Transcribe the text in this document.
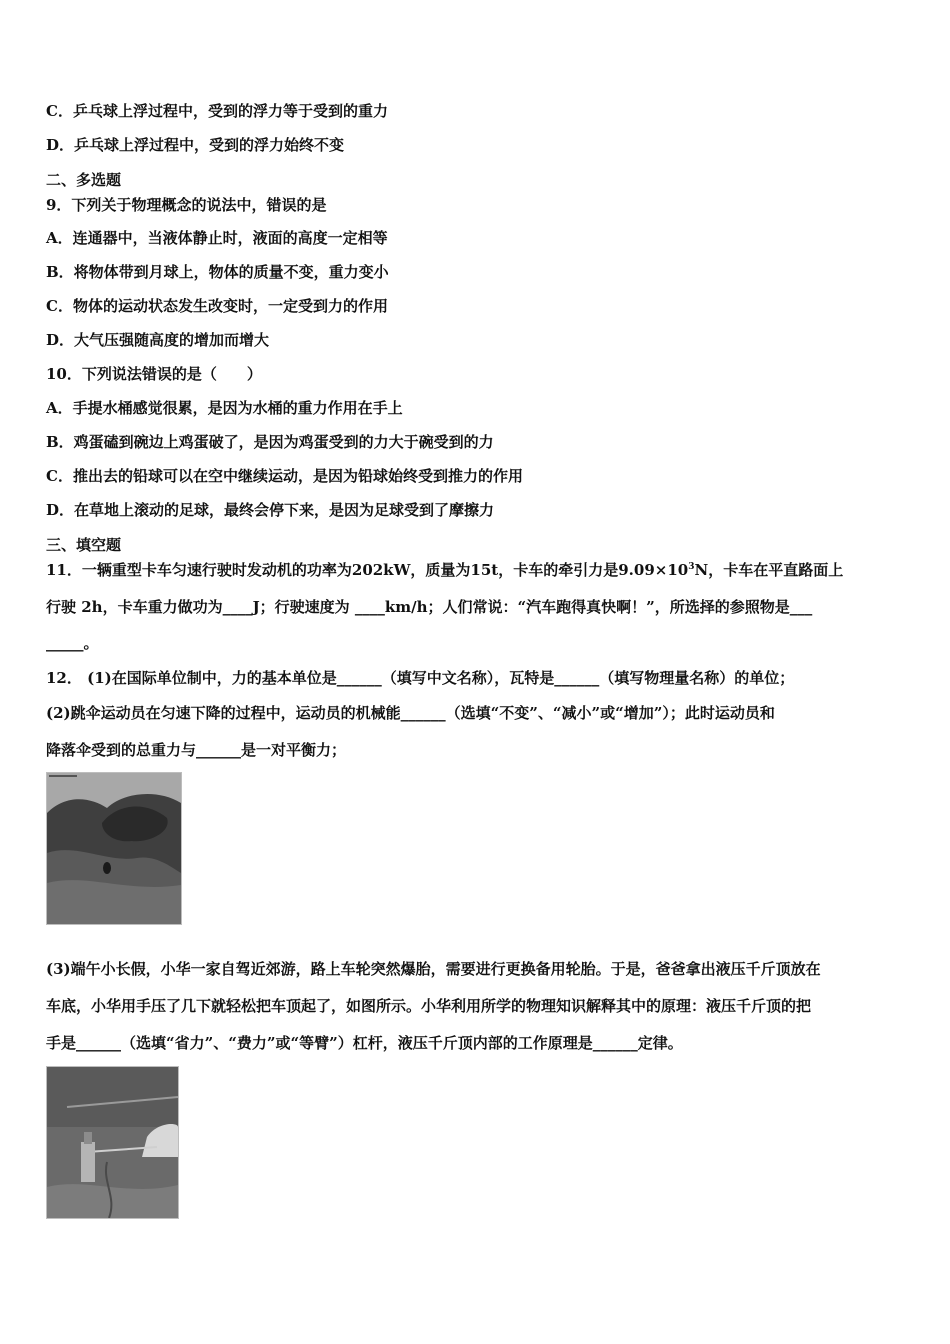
C．乒乓球上浮过程中，受到的浮力等于受到的重力
D．乒乓球上浮过程中，受到的浮力始终不变
二、多选题
9．下列关于物理概念的说法中，错误的是
A．连通器中，当液体静止时，液面的高度一定相等
B．将物体带到月球上，物体的质量不变，重力变小
C．物体的运动状态发生改变时，一定受到力的作用
D．大气压强随高度的增加而增大
10．下列说法错误的是（　　）
A．手提水桶感觉很累，是因为水桶的重力作用在手上
B．鸡蛋磕到碗边上鸡蛋破了，是因为鸡蛋受到的力大于碗受到的力
C．推出去的铅球可以在空中继续运动，是因为铅球始终受到推力的作用
D．在草地上滚动的足球，最终会停下来，是因为足球受到了摩擦力
三、填空题
11．一辆重型卡车匀速行驶时发动机的功率为202kW，质量为15t，卡车的牵引力是$9.09\times 10^3N$，卡车在平直路面上
行驶 2h，卡车重力做功为____J；行驶速度为 ____km/h；人们常说：“汽车跑得真快啊！”，所选择的参照物是___
_____。
12． (1)在国际单位制中，力的基本单位是______（填写中文名称），瓦特是______（填写物理量名称）的单位；
(2)跳伞运动员在匀速下降的过程中，运动员的机械能______（选填“不变”、“减小”或“增加”）；此时运动员和
降落伞受到的总重力与______是一对平衡力；
(3)端午小长假，小华一家自驾近郊游，路上车轮突然爆胎，需要进行更换备用轮胎。于是，爸爸拿出液压千斤顶放在
车底，小华用手压了几下就轻松把车顶起了，如图所示。小华利用所学的物理知识解释其中的原理：液压千斤顶的把
手是______（选填“省力”、“费力”或“等臂”）杠杆，液压千斤顶内部的工作原理是______定律。
